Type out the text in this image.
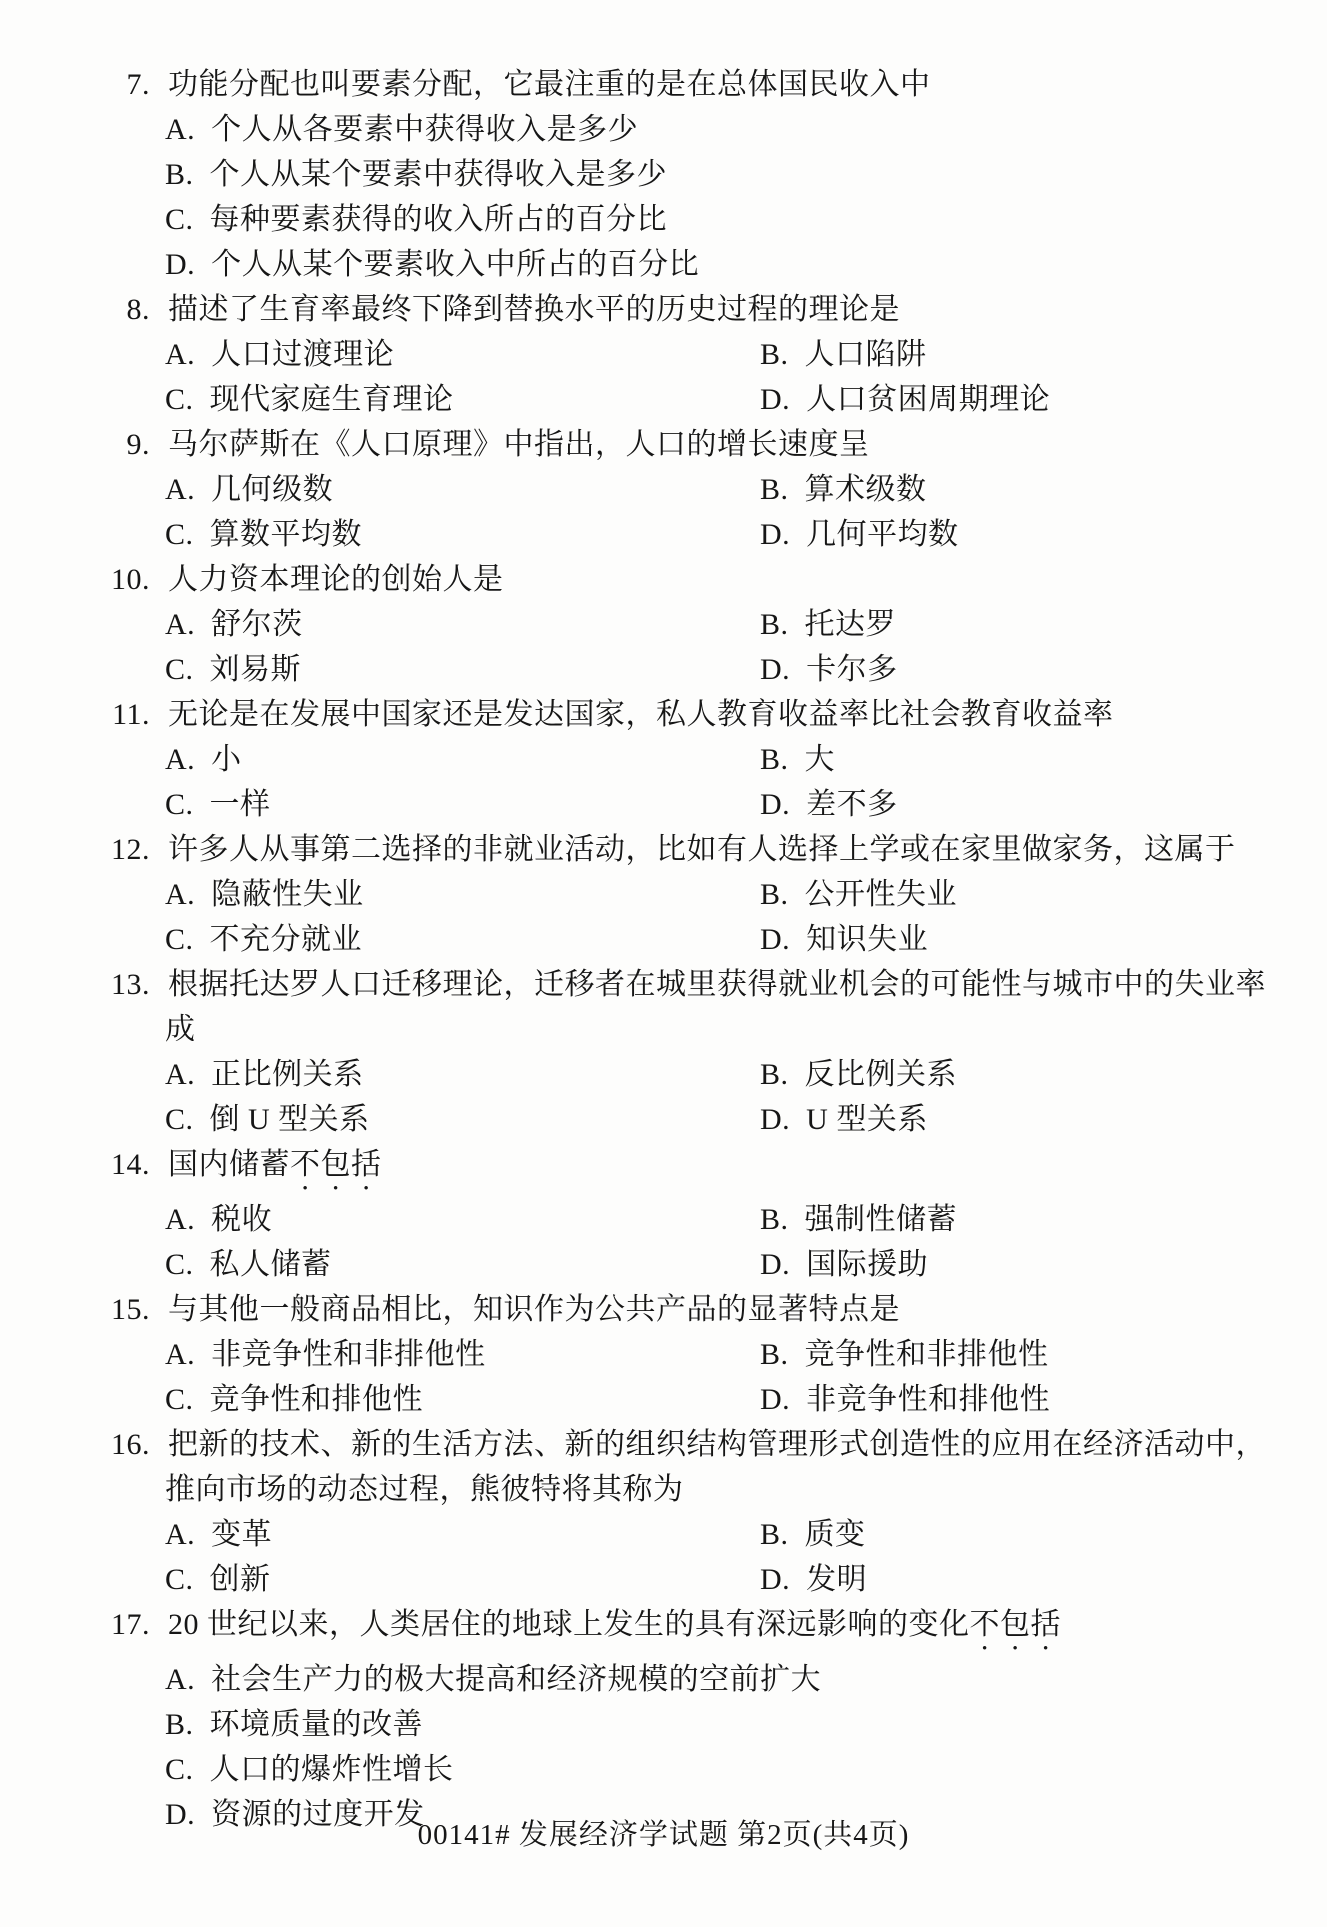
7. 功能分配也叫要素分配，它最注重的是在总体国民收入中
A. 个人从各要素中获得收入是多少
B. 个人从某个要素中获得收入是多少
C. 每种要素获得的收入所占的百分比
D. 个人从某个要素收入中所占的百分比
8. 描述了生育率最终下降到替换水平的历史过程的理论是
A. 人口过渡理论	B. 人口陷阱
C. 现代家庭生育理论	D. 人口贫困周期理论
9. 马尔萨斯在《人口原理》中指出，人口的增长速度呈
A. 几何级数	B. 算术级数
C. 算数平均数	D. 几何平均数
10. 人力资本理论的创始人是
A. 舒尔茨	B. 托达罗
C. 刘易斯	D. 卡尔多
11. 无论是在发展中国家还是发达国家，私人教育收益率比社会教育收益率
A. 小	B. 大
C. 一样	D. 差不多
12. 许多人从事第二选择的非就业活动，比如有人选择上学或在家里做家务，这属于
A. 隐蔽性失业	B. 公开性失业
C. 不充分就业	D. 知识失业
13. 根据托达罗人口迁移理论，迁移者在城里获得就业机会的可能性与城市中的失业率
成
A. 正比例关系	B. 反比例关系
C. 倒 U 型关系	D. U 型关系
14. 国内储蓄不包括
A. 税收	B. 强制性储蓄
C. 私人储蓄	D. 国际援助
15. 与其他一般商品相比，知识作为公共产品的显著特点是
A. 非竞争性和非排他性	B. 竞争性和非排他性
C. 竞争性和排他性	D. 非竞争性和排他性
16. 把新的技术、新的生活方法、新的组织结构管理形式创造性的应用在经济活动中，
推向市场的动态过程，熊彼特将其称为
A. 变革	B. 质变
C. 创新	D. 发明
17. 20 世纪以来，人类居住的地球上发生的具有深远影响的变化不包括
A. 社会生产力的极大提高和经济规模的空前扩大
B. 环境质量的改善
C. 人口的爆炸性增长
D. 资源的过度开发
00141# 发展经济学试题 第2页(共4页)
